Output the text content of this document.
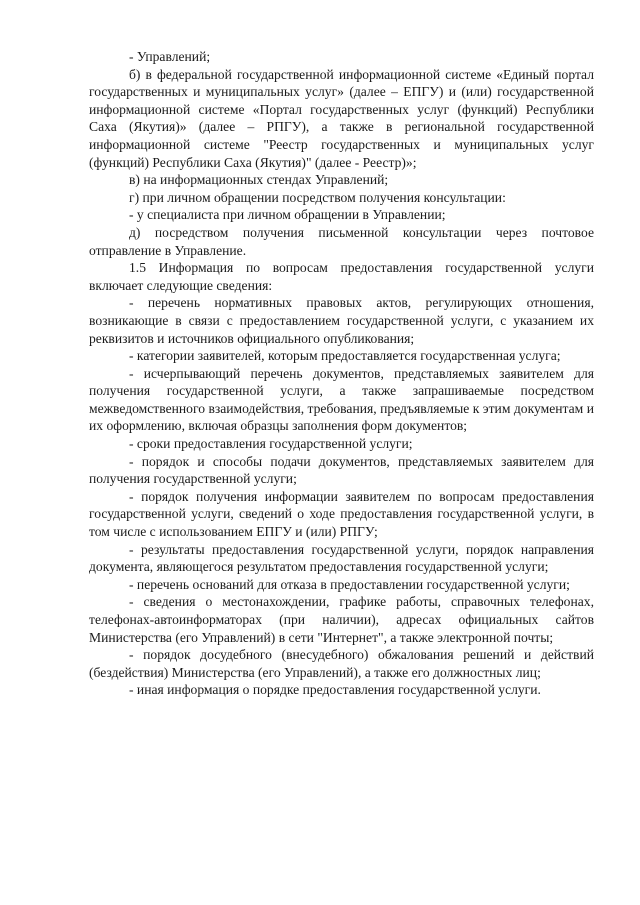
- Управлений;

б) в федеральной государственной информационной системе «Единый портал государственных и муниципальных услуг» (далее – ЕПГУ) и (или) государственной информационной системе «Портал государственных услуг (функций) Республики Саха (Якутия)» (далее – РПГУ), а также в региональной государственной информационной системе "Реестр государственных и муниципальных услуг (функций) Республики Саха (Якутия)" (далее - Реестр)»;

в) на информационных стендах Управлений;

г) при личном обращении посредством получения консультации:

- у специалиста при личном обращении в Управлении;

д) посредством получения письменной консультации через почтовое отправление в Управление.

1.5 Информация по вопросам предоставления государственной услуги включает следующие сведения:

- перечень нормативных правовых актов, регулирующих отношения, возникающие в связи с предоставлением государственной услуги, с указанием их реквизитов и источников официального опубликования;

- категории заявителей, которым предоставляется государственная услуга;

- исчерпывающий перечень документов, представляемых заявителем для получения государственной услуги, а также запрашиваемые посредством межведомственного взаимодействия, требования, предъявляемые к этим документам и их оформлению, включая образцы заполнения форм документов;

- сроки предоставления государственной услуги;

- порядок и способы подачи документов, представляемых заявителем для получения государственной услуги;

- порядок получения информации заявителем по вопросам предоставления государственной услуги, сведений о ходе предоставления государственной услуги, в том числе с использованием ЕПГУ и (или) РПГУ;

- результаты предоставления государственной услуги, порядок направления документа, являющегося результатом предоставления государственной услуги;

- перечень оснований для отказа в предоставлении государственной услуги;

- сведения о местонахождении, графике работы, справочных телефонах, телефонах-автоинформаторах (при наличии), адресах официальных сайтов Министерства (его Управлений) в сети "Интернет", а также электронной почты;

- порядок досудебного (внесудебного) обжалования решений и действий (бездействия) Министерства (его Управлений), а также его должностных лиц;

- иная информация о порядке предоставления государственной услуги.
